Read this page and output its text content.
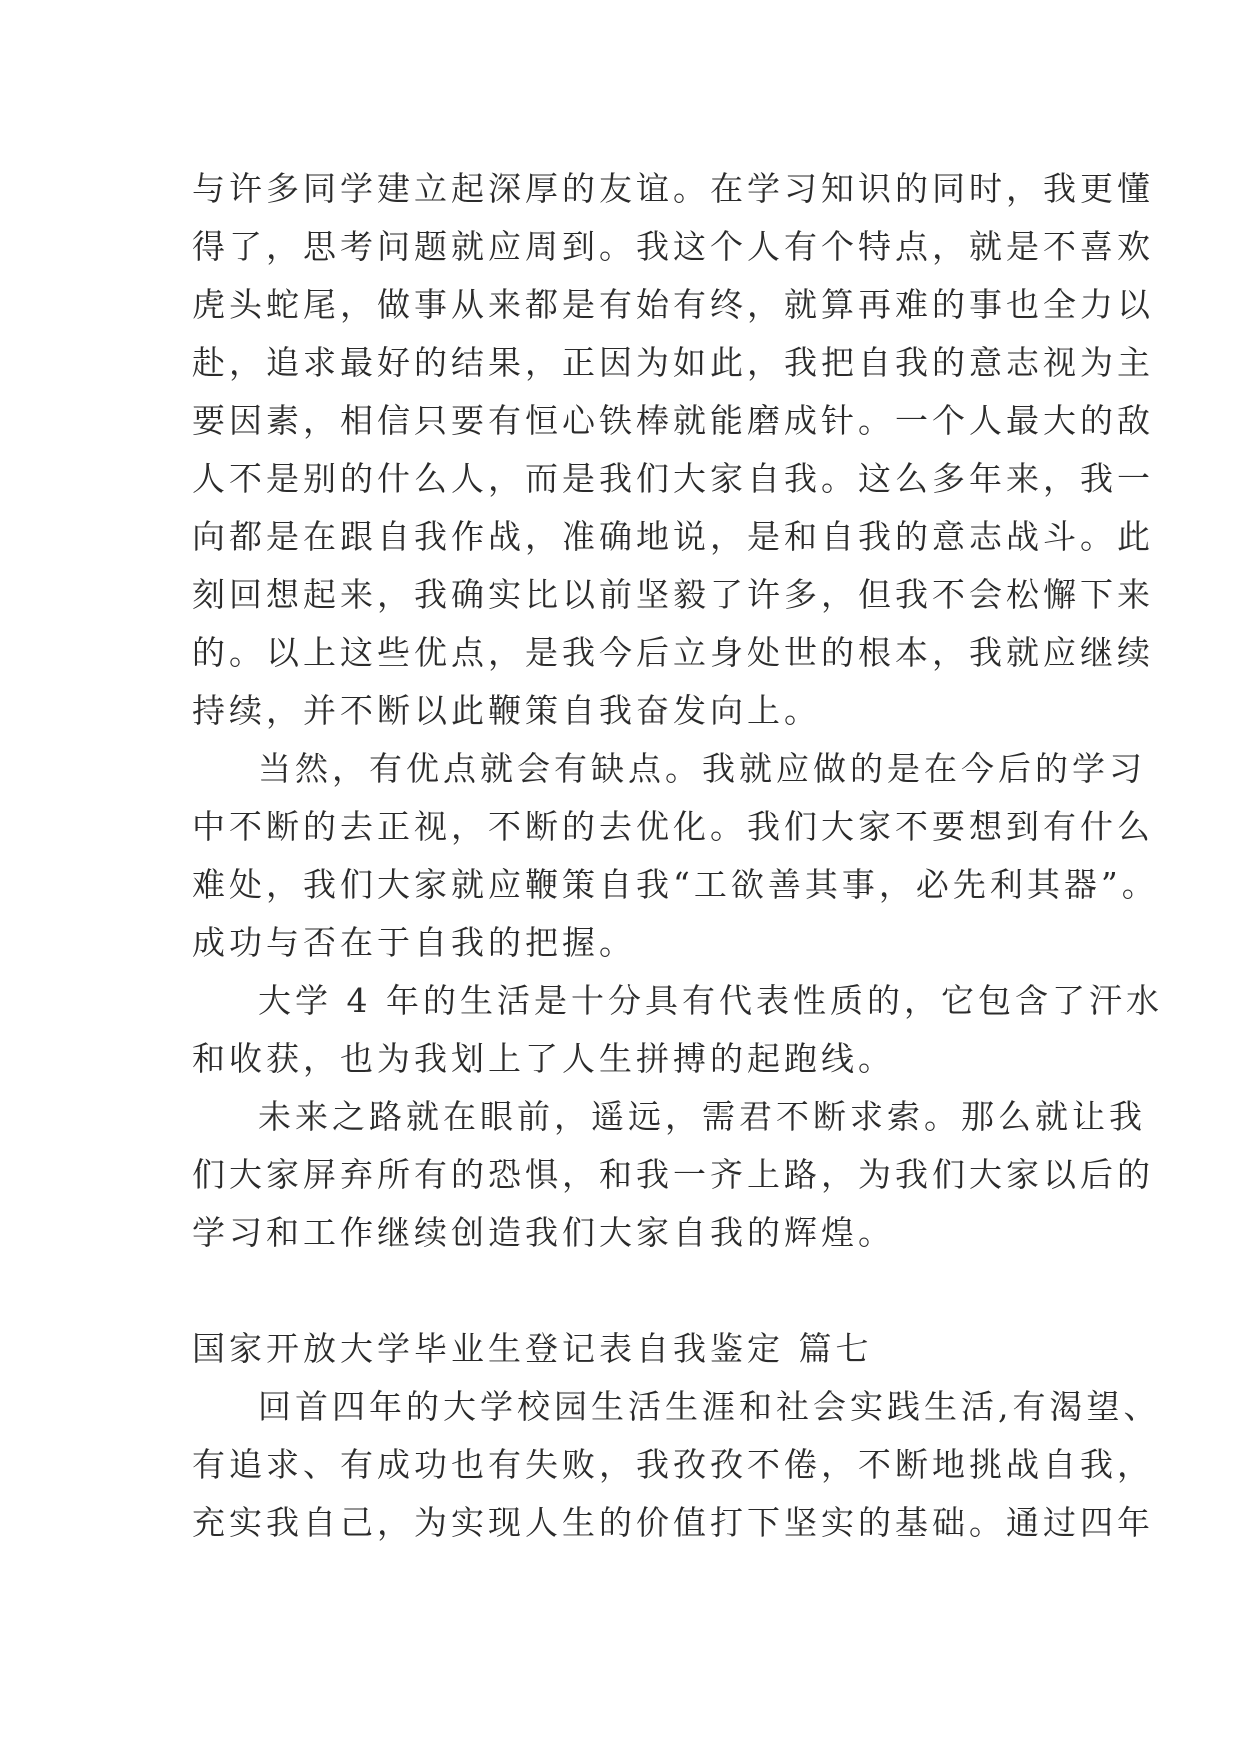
与许多同学建立起深厚的友谊。在学习知识的同时，我更懂
得了，思考问题就应周到。我这个人有个特点，就是不喜欢
虎头蛇尾，做事从来都是有始有终，就算再难的事也全力以
赴，追求最好的结果，正因为如此，我把自我的意志视为主
要因素，相信只要有恒心铁棒就能磨成针。一个人最大的敌
人不是别的什么人，而是我们大家自我。这么多年来，我一
向都是在跟自我作战，准确地说，是和自我的意志战斗。此
刻回想起来，我确实比以前坚毅了许多，但我不会松懈下来
的。以上这些优点，是我今后立身处世的根本，我就应继续
持续，并不断以此鞭策自我奋发向上。
当然，有优点就会有缺点。我就应做的是在今后的学习
中不断的去正视，不断的去优化。我们大家不要想到有什么
难处，我们大家就应鞭策自我“工欲善其事，必先利其器”。
成功与否在于自我的把握。
大学 4 年的生活是十分具有代表性质的，它包含了汗水
和收获，也为我划上了人生拼搏的起跑线。
未来之路就在眼前，遥远，需君不断求索。那么就让我
们大家屏弃所有的恐惧，和我一齐上路，为我们大家以后的
学习和工作继续创造我们大家自我的辉煌。
国家开放大学毕业生登记表自我鉴定 篇七
回首四年的大学校园生活生涯和社会实践生活,有渴望、
有追求、有成功也有失败，我孜孜不倦，不断地挑战自我，
充实我自己，为实现人生的价值打下坚实的基础。通过四年
